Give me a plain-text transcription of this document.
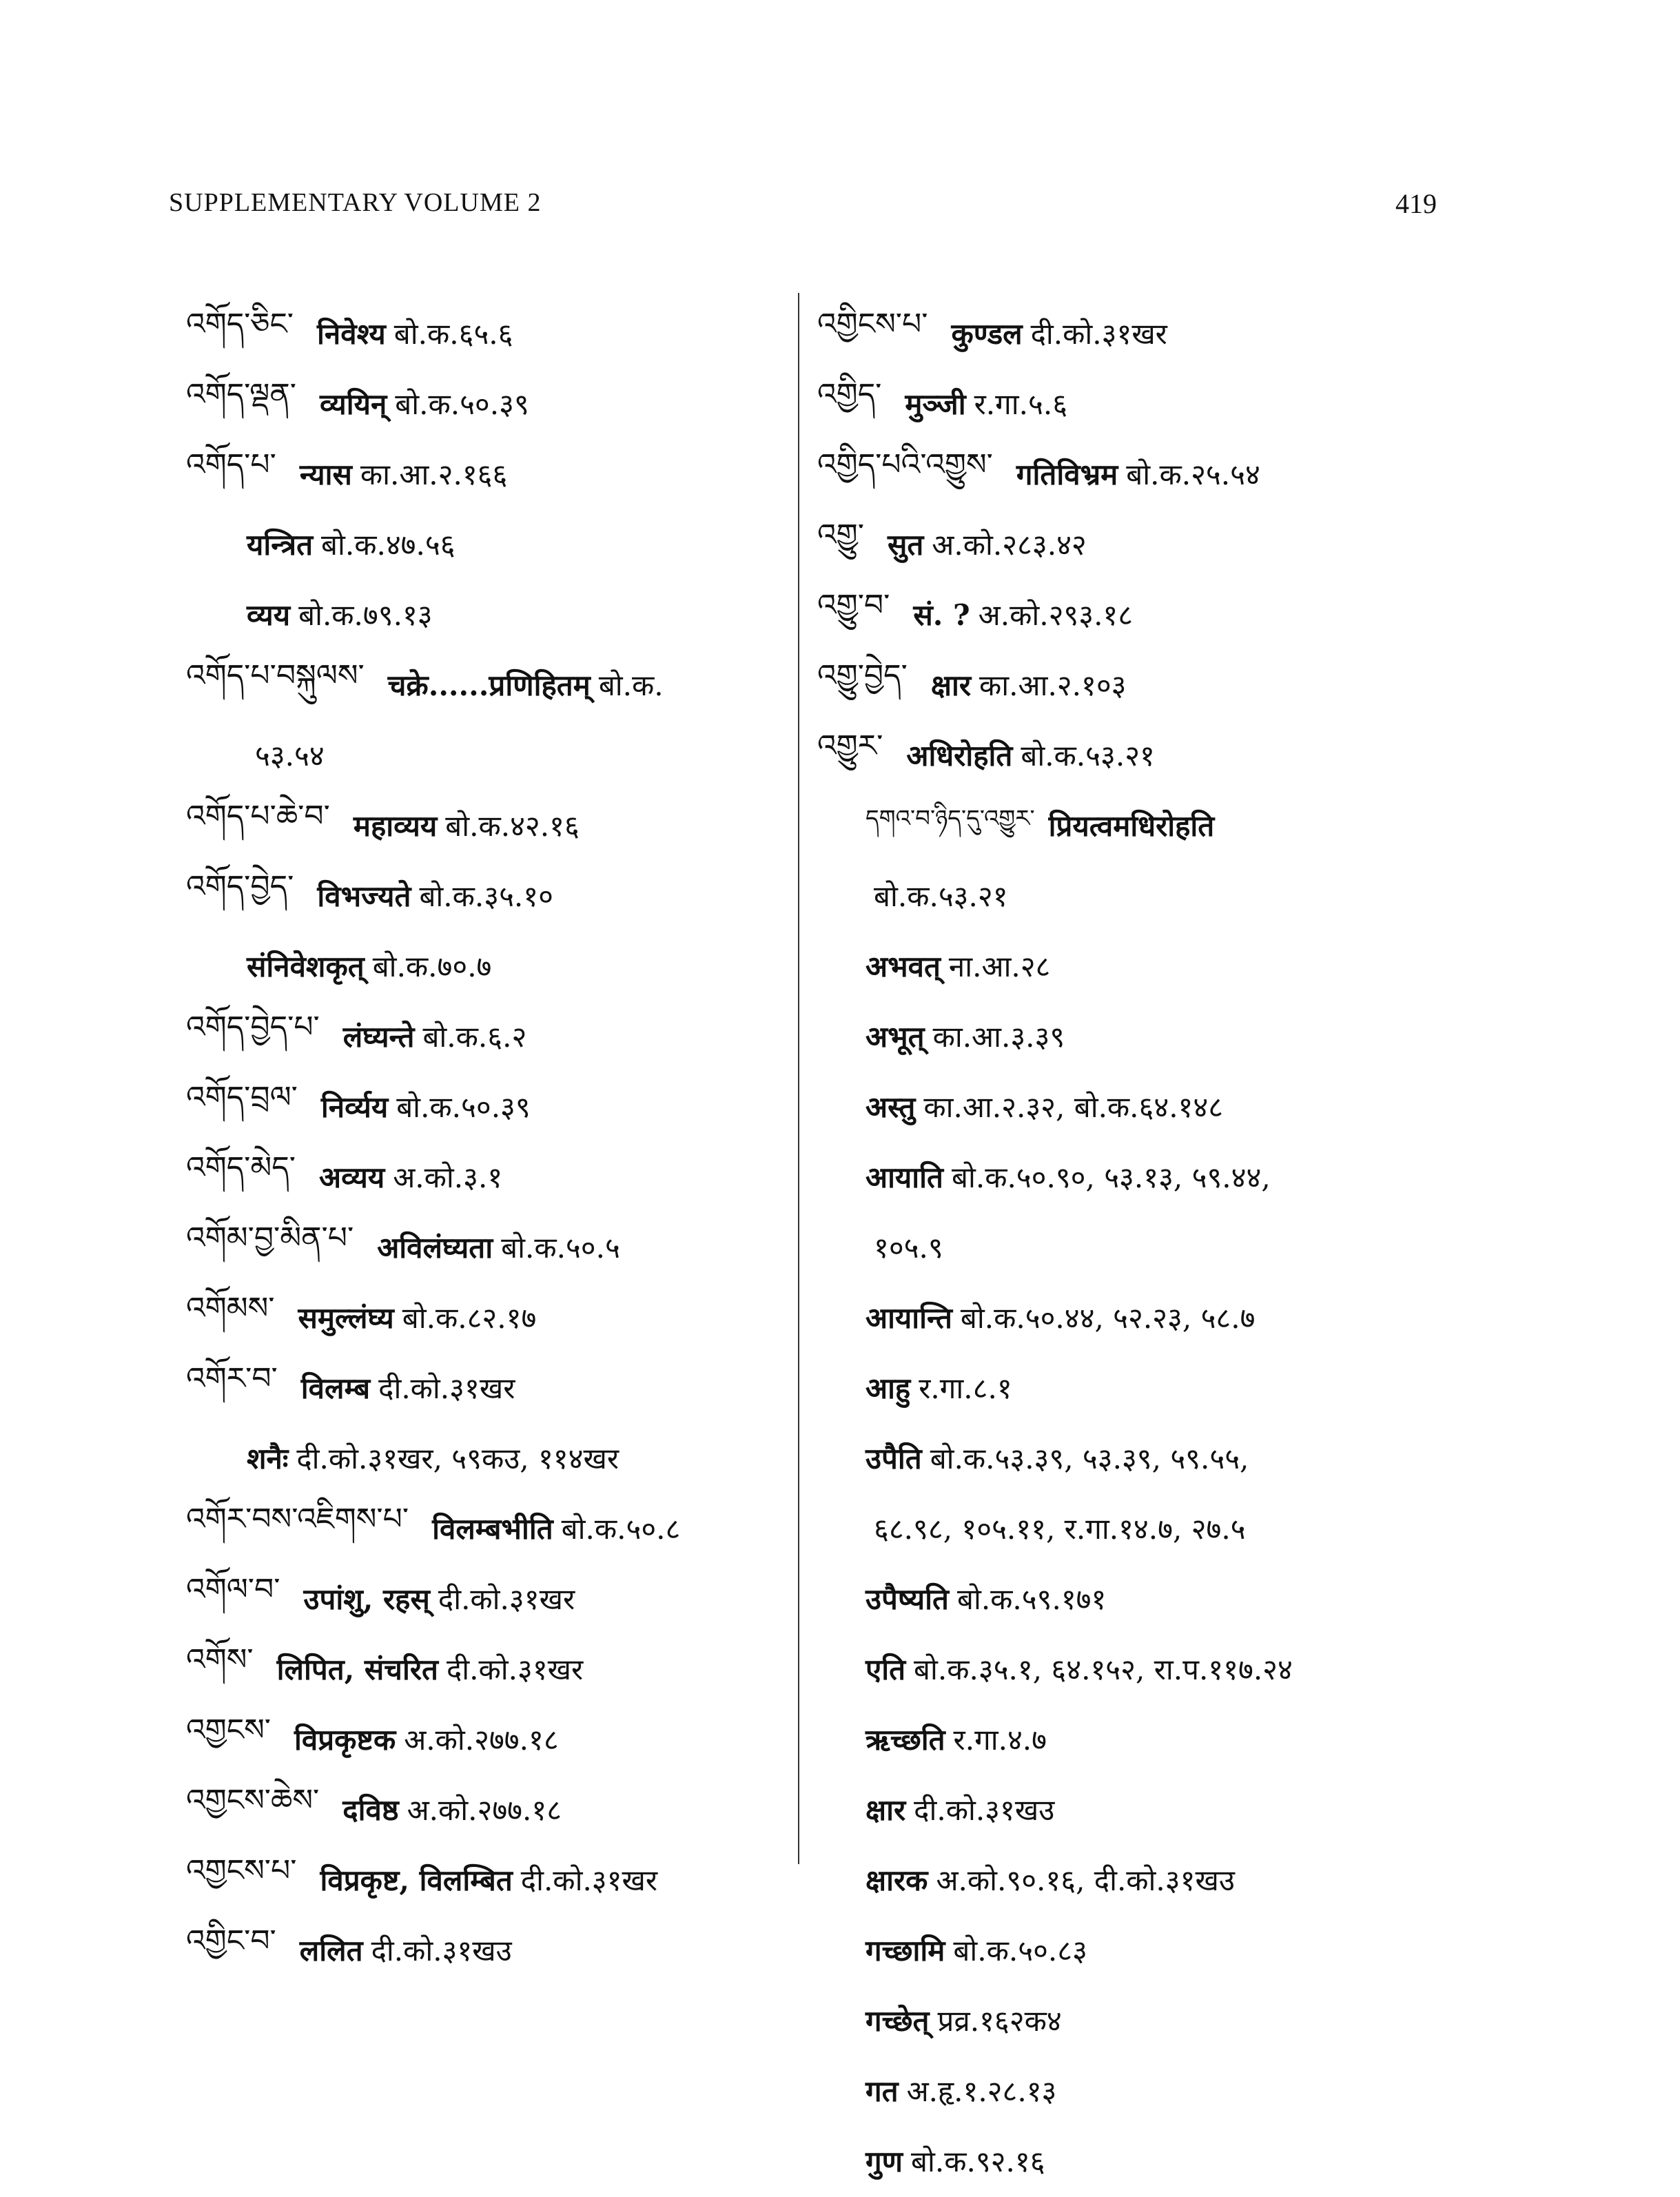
SUPPLEMENTARY VOLUME 2	419
འགོད་ཅིང་ निवेश्य बो.क.६५.६
འགོད་ལྡན་ व्ययिन् बो.क.५०.३९
འགོད་པ་ न्यास का.आ.२.१६६
यन्त्रित बो.क.४७.५६
व्यय बो.क.७९.१३
འགོད་པ་བསྐུལས་ चक्रे......प्रणिहितम् बो.क.
५३.५४
འགོད་པ་ཆེ་བ་ महाव्यय बो.क.४२.१६
འགོད་བྱེད་ विभज्यते बो.क.३५.१०
संनिवेशकृत् बो.क.७०.७
འགོད་བྱེད་པ་ लंघ्यन्ते बो.क.६.२
འགོད་བྲལ་ निर्व्यय बो.क.५०.३९
འགོད་མེད་ अव्यय अ.को.३.१
འགོམ་བྱ་མིན་པ་ अविलंघ्यता बो.क.५०.५
འགོམས་ समुल्लंघ्य बो.क.८२.१७
འགོར་བ་ विलम्ब दी.को.३१खर
शनैः दी.को.३१खर, ५९कउ, ११४खर
འགོར་བས་འཇིགས་པ་ विलम्बभीति बो.क.५०.८
འགོལ་བ་ उपांशु, रहस् दी.को.३१खर
འགོས་ लिपित, संचरित दी.को.३१खर
འགྱངས་ विप्रकृष्टक अ.को.२७७.१८
འགྱངས་ཆེས་ दविष्ठ अ.को.२७७.१८
འགྱངས་པ་ विप्रकृष्ट, विलम्बित दी.को.३१खर
འགྱིང་བ་ ललित दी.को.३१खउ
འགྱིངས་པ་ कुण्डल दी.को.३१खर
འགྱིད་ मुञ्जी र.गा.५.६
འགྱིད་པའི་འགྱུས་ गतिविभ्रम बो.क.२५.५४
འགྱུ་ सुत अ.को.२८३.४२
འགྱུ་བ་ सं. ? अ.को.२९३.१८
འགྱུ་བྱེད་ क्षार का.आ.२.१०३
འགྱུར་ अधिरोहति बो.क.५३.२१
དགའ་བ་ཉིད་དུ་འགྱུར་ प्रियत्वमधिरोहति
बो.क.५३.२१
अभवत् ना.आ.२८
अभूत् का.आ.३.३९
अस्तु का.आ.२.३२, बो.क.६४.१४८
आयाति बो.क.५०.९०, ५३.१३, ५९.४४,
१०५.९
आयान्ति बो.क.५०.४४, ५२.२३, ५८.७
आहु र.गा.८.१
उपैति बो.क.५३.३९, ५३.३९, ५९.५५,
६८.९८, १०५.११, र.गा.१४.७, २७.५
उपैष्यति बो.क.५९.१७१
एति बो.क.३५.१, ६४.१५२, रा.प.११७.२४
ऋच्छति र.गा.४.७
क्षार दी.को.३१खउ
क्षारक अ.को.९०.१६, दी.को.३१खउ
गच्छामि बो.क.५०.८३
गच्छेत् प्रव्र.१६२क४
गत अ.हृ.१.२८.१३
गुण बो.क.९२.१६
